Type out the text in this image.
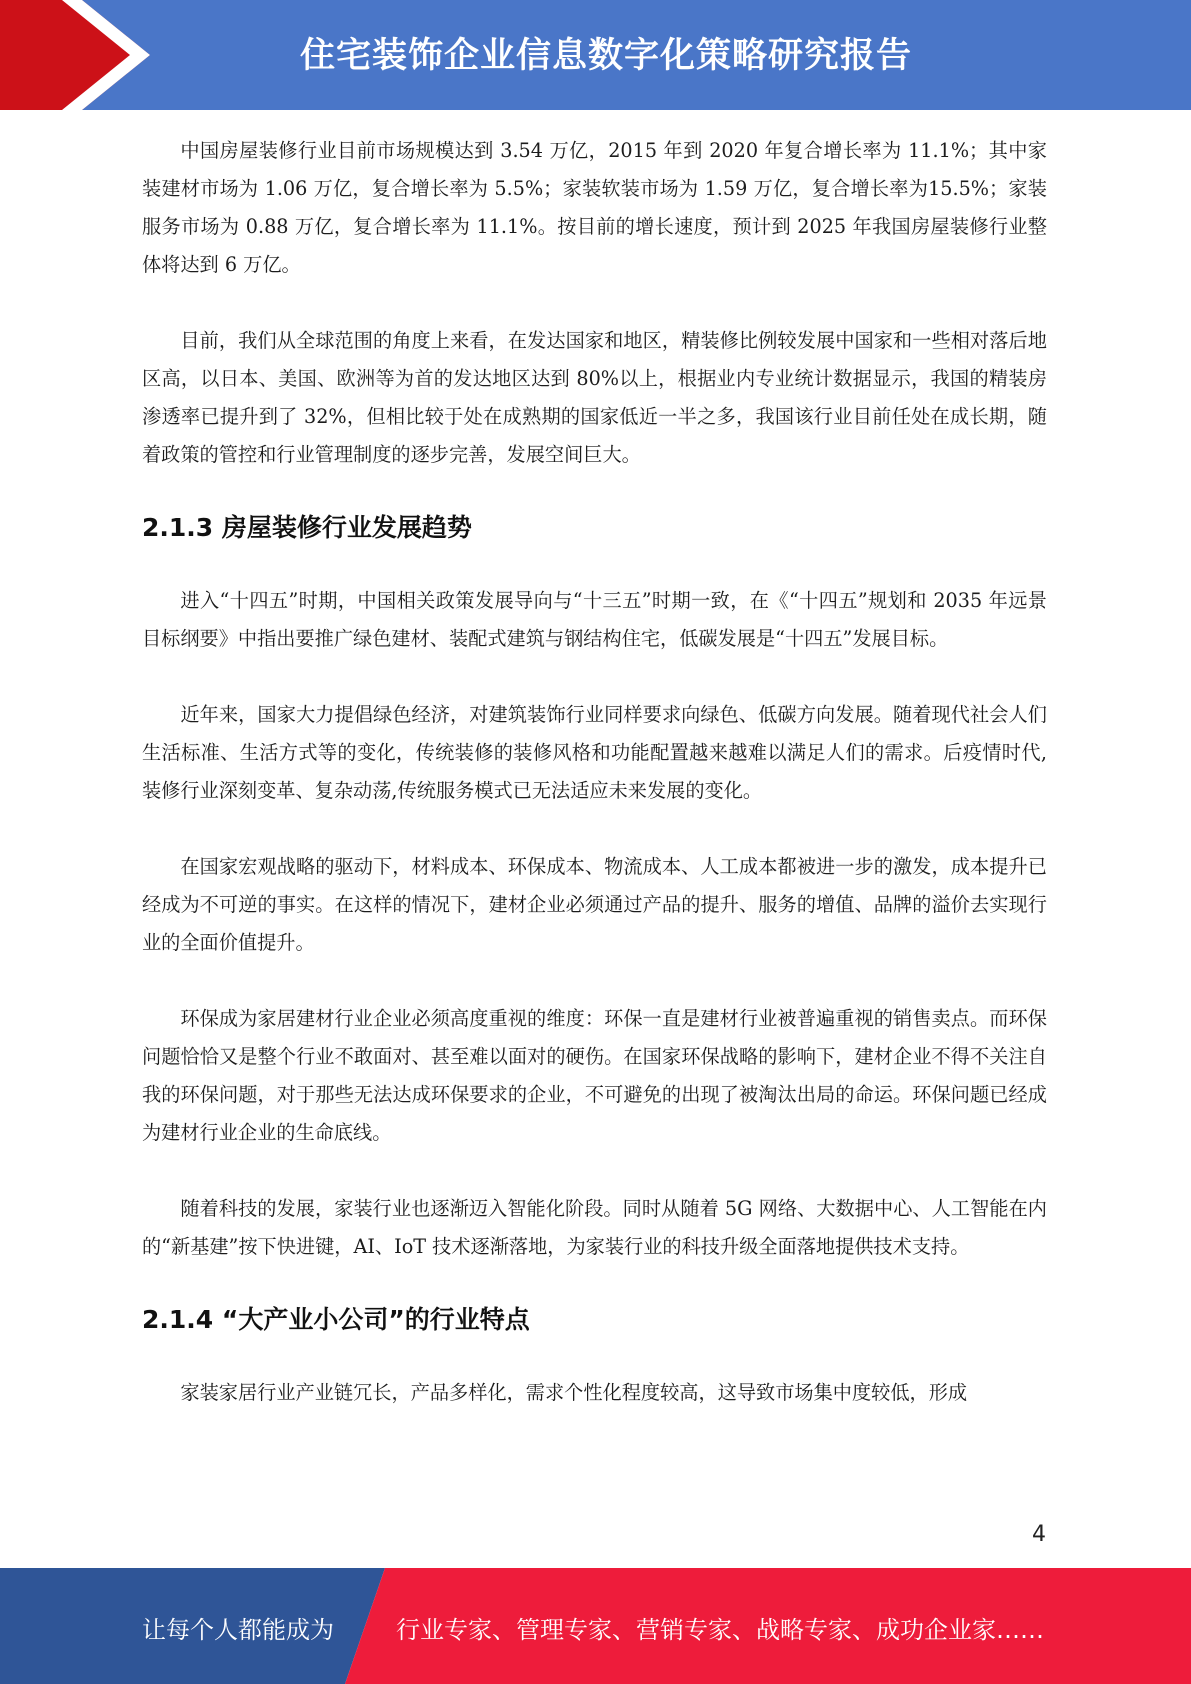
住宅装饰企业信息数字化策略研究报告

中国房屋装修行业目前市场规模达到 3.54 万亿，2015 年到 2020 年复合增长率为 11.1%；其中家装建材市场为 1.06 万亿，复合增长率为 5.5%；家装软装市场为 1.59 万亿，复合增长率为15.5%；家装服务市场为 0.88 万亿，复合增长率为 11.1%。按目前的增长速度，预计到 2025 年我国房屋装修行业整体将达到 6 万亿。

目前，我们从全球范围的角度上来看，在发达国家和地区，精装修比例较发展中国家和一些相对落后地区高，以日本、美国、欧洲等为首的发达地区达到 80%以上，根据业内专业统计数据显示，我国的精装房渗透率已提升到了 32%，但相比较于处在成熟期的国家低近一半之多，我国该行业目前任处在成长期，随着政策的管控和行业管理制度的逐步完善，发展空间巨大。

2.1.3 房屋装修行业发展趋势

进入“十四五”时期，中国相关政策发展导向与“十三五”时期一致，在《“十四五”规划和 2035 年远景目标纲要》中指出要推广绿色建材、装配式建筑与钢结构住宅，低碳发展是“十四五”发展目标。

近年来，国家大力提倡绿色经济，对建筑装饰行业同样要求向绿色、低碳方向发展。随着现代社会人们生活标准、生活方式等的变化，传统装修的装修风格和功能配置越来越难以满足人们的需求。后疫情时代,装修行业深刻变革、复杂动荡,传统服务模式已无法适应未来发展的变化。

在国家宏观战略的驱动下，材料成本、环保成本、物流成本、人工成本都被进一步的激发，成本提升已经成为不可逆的事实。在这样的情况下，建材企业必须通过产品的提升、服务的增值、品牌的溢价去实现行业的全面价值提升。

环保成为家居建材行业企业必须高度重视的维度：环保一直是建材行业被普遍重视的销售卖点。而环保问题恰恰又是整个行业不敢面对、甚至难以面对的硬伤。在国家环保战略的影响下，建材企业不得不关注自我的环保问题，对于那些无法达成环保要求的企业，不可避免的出现了被淘汰出局的命运。环保问题已经成为建材行业企业的生命底线。

随着科技的发展，家装行业也逐渐迈入智能化阶段。同时从随着 5G 网络、大数据中心、人工智能在内的“新基建”按下快进键，AI、IoT 技术逐渐落地，为家装行业的科技升级全面落地提供技术支持。

2.1.4 “大产业小公司”的行业特点

家装家居行业产业链冗长，产品多样化，需求个性化程度较高，这导致市场集中度较低，形成

4
让每个人都能成为	行业专家、管理专家、营销专家、战略专家、成功企业家……
